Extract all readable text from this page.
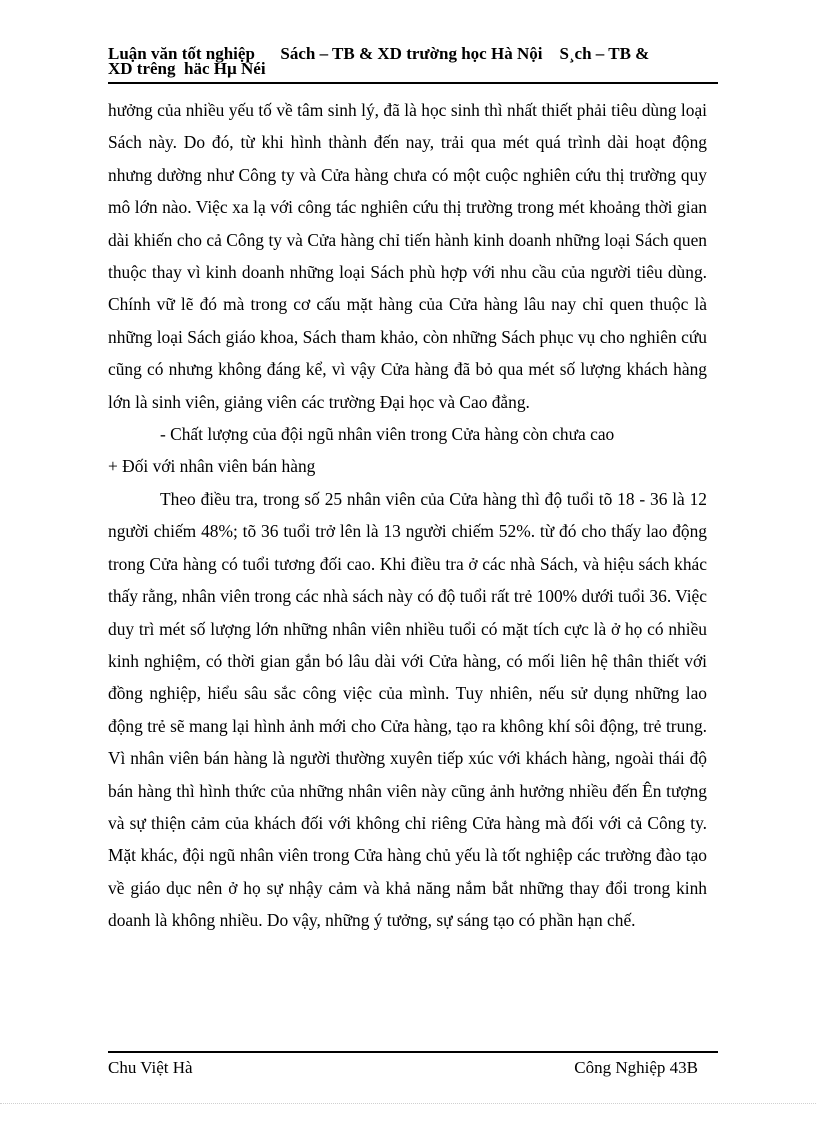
Luận văn tốt nghiệp      Sách – TB & XD trường học Hà Nội    S¸ch – TB &
XD trêng  häc Hµ Néi

hưởng của nhiều yếu tố về tâm sinh lý, đã là học sinh thì nhất thiết phải tiêu dùng loại Sách này. Do đó, từ khi hình thành đến nay, trải qua mét quá trình dài hoạt động nhưng dường như Công ty và Cửa hàng chưa có một cuộc nghiên cứu thị trường quy mô lớn nào. Việc xa lạ với công tác nghiên cứu thị trường trong mét khoảng thời gian dài khiến cho cả Công ty và Cửa hàng chỉ tiến hành kinh doanh những loại Sách quen thuộc thay vì kinh doanh những loại Sách phù hợp với nhu cầu của người tiêu dùng. Chính vữ lẽ đó mà trong cơ cấu mặt hàng của Cửa hàng lâu nay chỉ quen thuộc là những loại Sách giáo khoa, Sách tham khảo, còn những Sách phục vụ cho nghiên cứu cũng có nhưng không đáng kể, vì vậy Cửa hàng đã bỏ qua mét số lượng khách hàng lớn là sinh viên, giảng viên các trường Đại học và Cao đẳng.

- Chất lượng của đội ngũ nhân viên trong Cửa hàng còn chưa cao

+ Đối với nhân viên bán hàng

Theo điều tra, trong số 25 nhân viên của Cửa hàng thì độ tuổi tõ 18 - 36 là 12 người chiếm 48%; tõ 36 tuổi trở lên là 13 người chiếm 52%. từ đó cho thấy lao động trong Cửa hàng có tuổi tương đối cao. Khi điều tra ở các nhà Sách, và hiệu sách khác thấy rằng, nhân viên trong các nhà sách này có độ tuổi rất trẻ 100% dưới tuổi 36. Việc duy trì mét số lượng lớn những nhân viên nhiều tuổi có mặt tích cực là ở họ có nhiều kinh nghiệm, có thời gian gắn bó lâu dài với Cửa hàng, có mối liên hệ thân thiết với đồng nghiệp, hiểu sâu sắc công việc của mình. Tuy nhiên, nếu sử dụng những lao động trẻ sẽ mang lại hình ảnh mới cho Cửa hàng, tạo ra không khí sôi động, trẻ trung. Vì nhân viên bán hàng là người thường xuyên tiếp xúc với khách hàng, ngoài thái độ bán hàng thì hình thức của những nhân viên này cũng ảnh hưởng nhiều đến Ên tượng và sự thiện cảm của khách đối với không chỉ riêng Cửa hàng mà đối với cả Công ty. Mặt khác, đội ngũ nhân viên trong Cửa hàng chủ yếu là tốt nghiệp các trường đào tạo về giáo dục nên ở họ sự nhậy cảm và khả năng nắm bắt những thay đổi trong kinh doanh là không nhiều. Do vậy, những ý tưởng, sự sáng tạo có phần hạn chế.

Chu Việt Hà	Công Nghiệp 43B
